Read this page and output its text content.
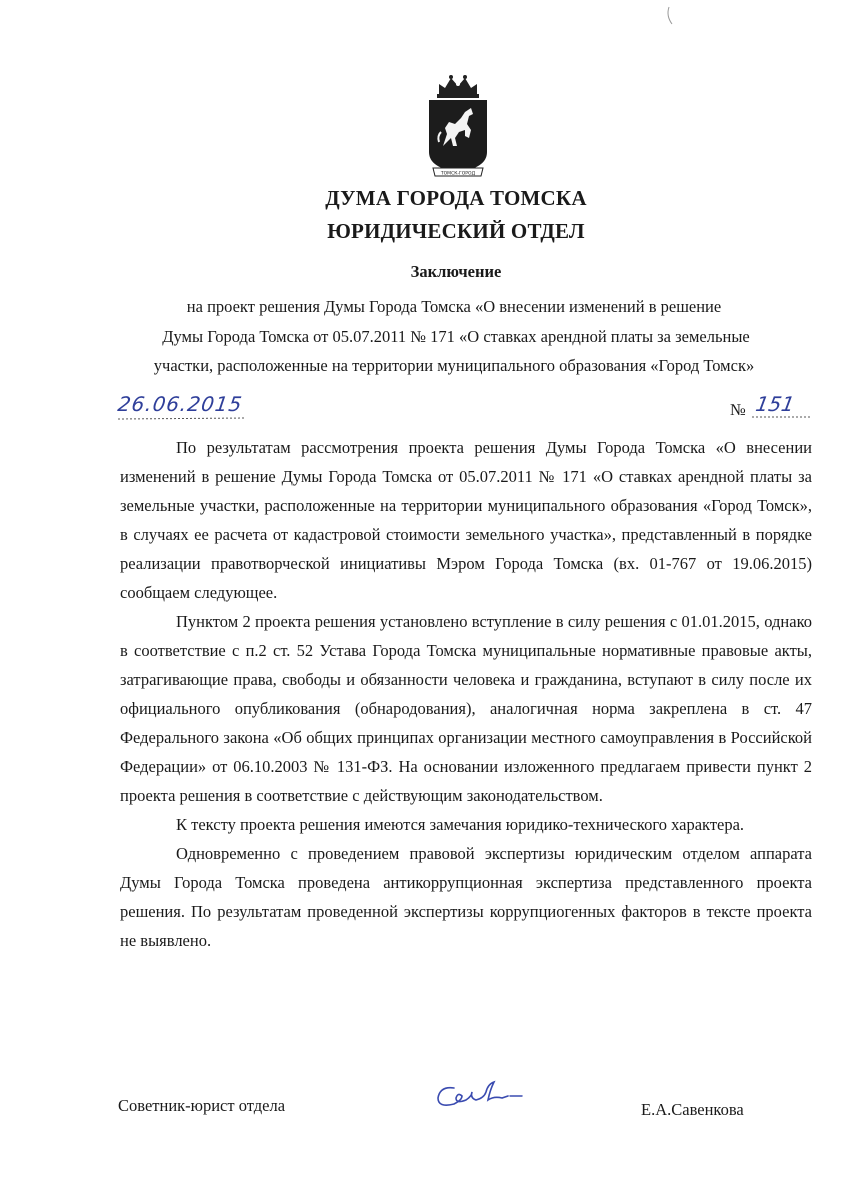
ТОМСК-ГОРОД
ДУМА ГОРОДА ТОМСКА
ЮРИДИЧЕСКИЙ ОТДЕЛ
Заключение

на проект решения Думы Города Томска «О внесении изменений в решение

Думы Города Томска от 05.07.2011 № 171 «О ставках арендной платы за земельные

участки, расположенные на территории муниципального образования «Город Томск»

26.06.2015	№ 151

По результатам рассмотрения проекта решения Думы Города Томска «О внесении изменений в решение Думы Города Томска от 05.07.2011 № 171 «О ставках арендной платы за земельные участки, расположенные на территории муниципального образования «Город Томск», в случаях ее расчета от кадастровой стоимости земельного участка», представленный в порядке реализации правотворческой инициативы Мэром Города Томска (вх. 01-767 от 19.06.2015) сообщаем следующее.

Пунктом 2 проекта решения установлено вступление в силу решения с 01.01.2015, однако в соответствие с п.2 ст. 52 Устава Города Томска муниципальные нормативные правовые акты, затрагивающие права, свободы и обязанности человека и гражданина, вступают в силу после их официального опубликования (обнародования), аналогичная норма закреплена в ст. 47 Федерального закона «Об общих принципах организации местного самоуправления в Российской Федерации» от 06.10.2003 № 131-ФЗ. На основании изложенного предлагаем привести пункт 2 проекта решения в соответствие с действующим законодательством.

К тексту проекта решения имеются замечания юридико-технического характера.

Одновременно с проведением правовой экспертизы юридическим отделом аппарата Думы Города Томска проведена антикоррупционная экспертиза представленного проекта решения. По результатам проведенной экспертизы коррупциогенных факторов в тексте проекта не выявлено.

Советник-юрист отдела	Е.А.Савенкова
